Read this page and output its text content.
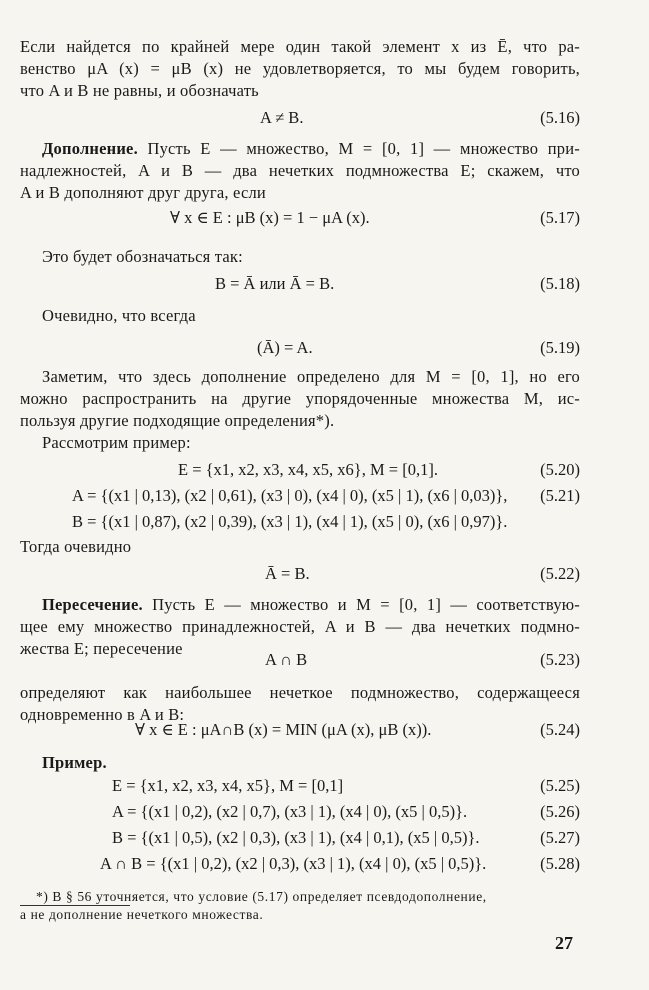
Если найдется по крайней мере один такой элемент x из Ē, что ра-
венство μA (x) = μB (x) не удовлетворяется, то мы будем говорить,
что A и B не равны, и обозначать
A ≠ B.	(5.16)
Дополнение. Пусть E — множество, M = [0, 1] — множество при-
надлежностей, A и B — два нечетких подмножества E; скажем, что
A и B дополняют друг друга, если
∀ x ∈ E : μB (x) = 1 − μA (x).	(5.17)
Это будет обозначаться так:
B = Ā или Ā = B.	(5.18)
Очевидно, что всегда
(Ā) = A.	(5.19)
Заметим, что здесь дополнение определено для M = [0, 1], но его
можно распространить на другие упорядоченные множества M, ис-
пользуя другие подходящие определения*).
Рассмотрим пример:
E = {x1, x2, x3, x4, x5, x6}, M = [0,1].	(5.20)
A = {(x1 | 0,13), (x2 | 0,61), (x3 | 0), (x4 | 0), (x5 | 1), (x6 | 0,03)}, (5.21)
B = {(x1 | 0,87), (x2 | 0,39), (x3 | 1), (x4 | 1), (x5 | 0), (x6 | 0,97)}.
Тогда очевидно
Ā = B.	(5.22)
Пересечение. Пусть E — множество и M = [0, 1] — соответствую-
щее ему множество принадлежностей, A и B — два нечетких подмно-
жества E; пересечение
A ∩ B	(5.23)
определяют как наибольшее нечеткое подмножество, содержащееся
одновременно в A и B:
∀ x ∈ E : μA∩B (x) = MIN (μA (x), μB (x)).	(5.24)
Пример.
E = {x1, x2, x3, x4, x5}, M = [0,1]	(5.25)
A = {(x1 | 0,2), (x2 | 0,7), (x3 | 1), (x4 | 0), (x5 | 0,5)}.	(5.26)
B = {(x1 | 0,5), (x2 | 0,3), (x3 | 1), (x4 | 0,1), (x5 | 0,5)}.	(5.27)
A ∩ B = {(x1 | 0,2), (x2 | 0,3), (x3 | 1), (x4 | 0), (x5 | 0,5)}.	(5.28)
*) В § 56 уточняется, что условие (5.17) определяет псевдодополнение,
а не дополнение нечеткого множества.
27
